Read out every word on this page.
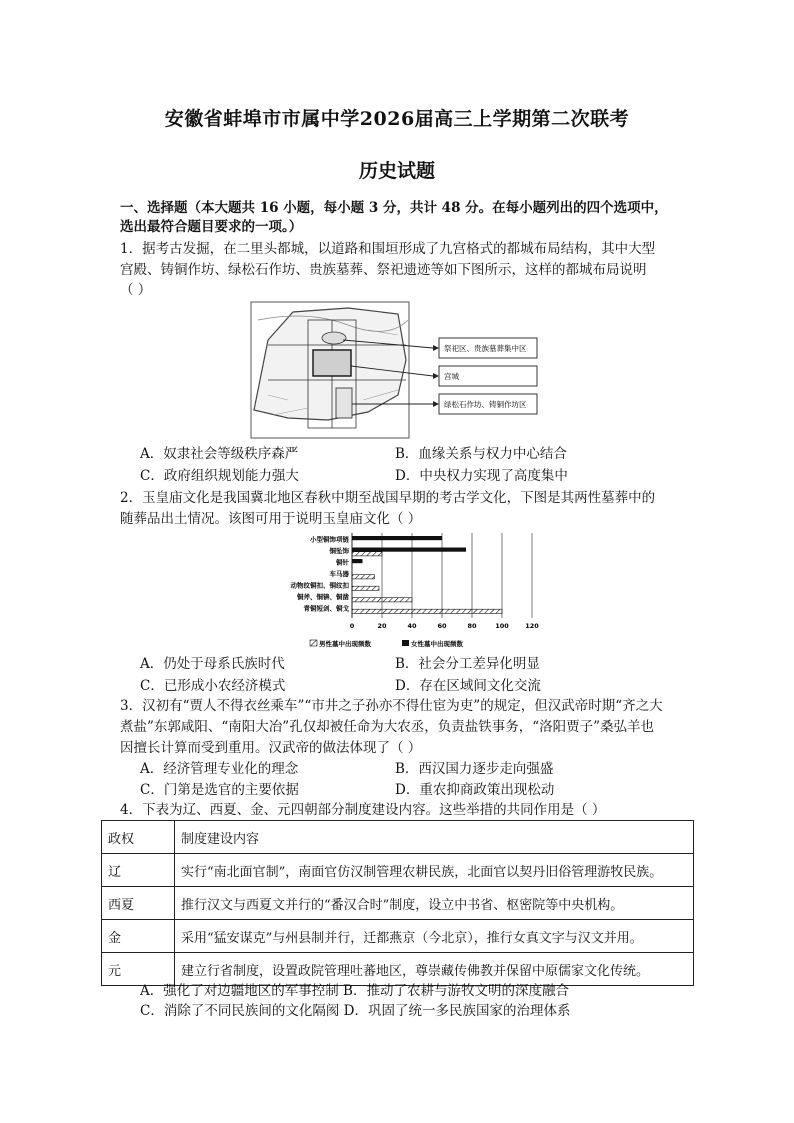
安徽省蚌埠市市属中学2026届高三上学期第二次联考
历史试题
一、选择题（本大题共 16 小题，每小题 3 分，共计 48 分。在每小题列出的四个选项中，
选出最符合题目要求的一项。）
1．据考古发掘，在二里头都城，以道路和围垣形成了九宫格式的都城布局结构，其中大型
宫殿、铸铜作坊、绿松石作坊、贵族墓葬、祭祀遗迹等如下图所示，这样的都城布局说明
（ ）
祭祀区、贵族墓葬集中区
宫城
绿松石作坊、铸铜作坊区
A．奴隶社会等级秩序森严	B．血缘关系与权力中心结合
C．政府组织规划能力强大	D．中央权力实现了高度集中
2．玉皇庙文化是我国冀北地区春秋中期至战国早期的考古学文化，下图是其两性墓葬中的
随葬品出土情况。该图可用于说明玉皇庙文化（ ）
小型铜饰项链
铜坠饰
铜针
车马器
动物纹铜扣、铜纹扣
铜斧、铜锛、铜凿
青铜短剑、铜戈
0	20	40	60	80	100	120
男性墓中出现频数	女性墓中出现频数
A．仍处于母系氏族时代	B．社会分工差异化明显
C．已形成小农经济模式	D．存在区域间文化交流
3．汉初有“贾人不得衣丝乘车”“市井之子孙亦不得仕宦为吏”的规定，但汉武帝时期“齐之大
煮盐”东郭咸阳、“南阳大冶”孔仅却被任命为大农丞，负责盐铁事务，“洛阳贾子”桑弘羊也
因擅长计算而受到重用。汉武帝的做法体现了（ ）
A．经济管理专业化的理念	B．西汉国力逐步走向强盛
C．门第是选官的主要依据	D．重农抑商政策出现松动
4．下表为辽、西夏、金、元四朝部分制度建设内容。这些举措的共同作用是（ ）
政权	制度建设内容
辽	实行“南北面官制”，南面官仿汉制管理农耕民族，北面官以契丹旧俗管理游牧民族。
西夏	推行汉文与西夏文并行的“番汉合时”制度，设立中书省、枢密院等中央机构。
金	采用“猛安谋克”与州县制并行，迁都燕京（今北京），推行女真文字与汉文并用。
元	建立行省制度，设置政院管理吐蕃地区，尊崇藏传佛教并保留中原儒家文化传统。
A．强化了对边疆地区的军事控制 B．推动了农耕与游牧文明的深度融合
C．消除了不同民族间的文化隔阂 D．巩固了统一多民族国家的治理体系
